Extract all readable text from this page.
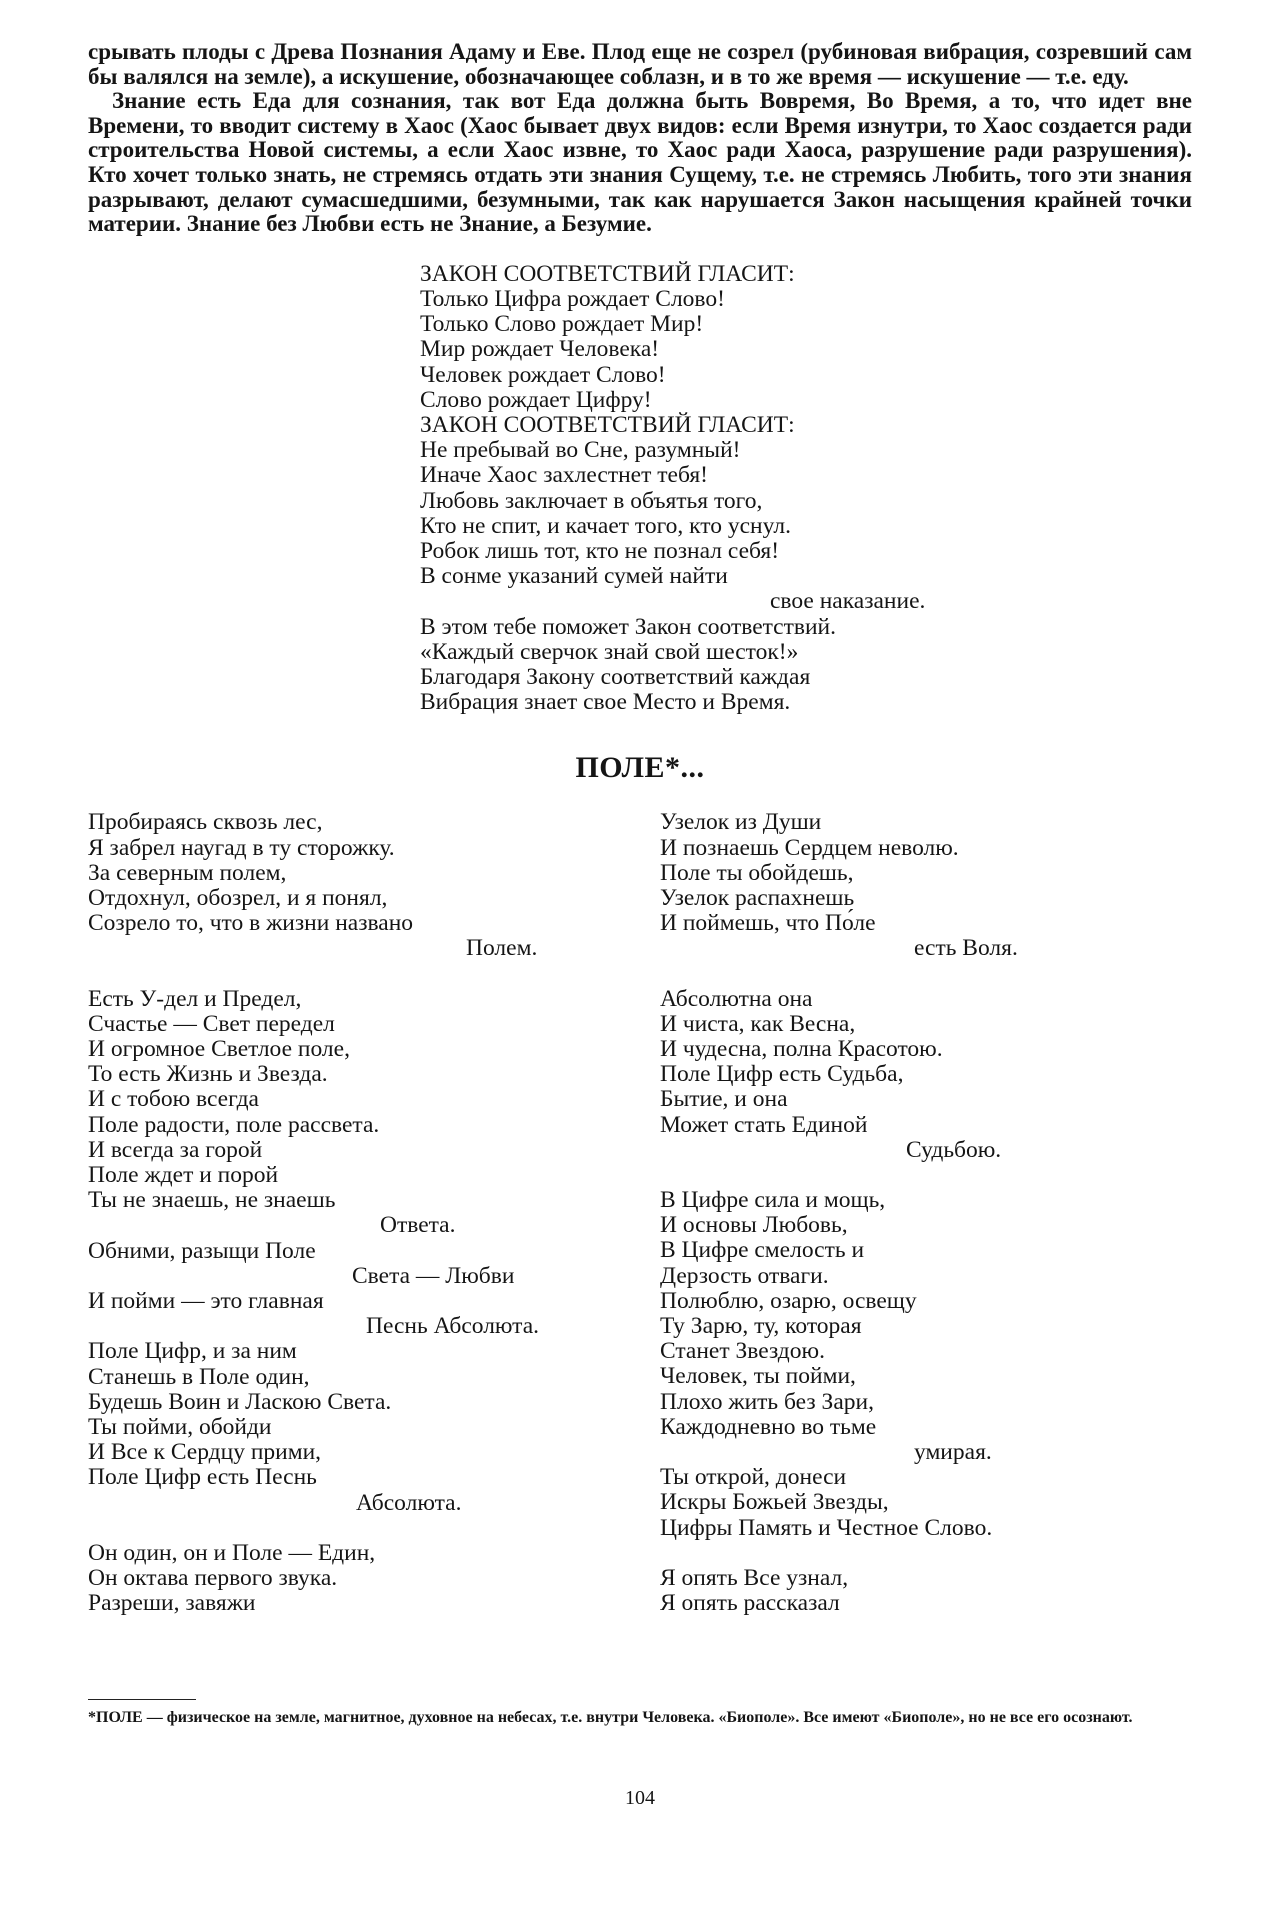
срывать плоды с Древа Познания Адаму и Еве. Плод еще не созрел (рубиновая вибрация, созревший сам бы валялся на земле), а искушение, обозначающее соблазн, и в то же время — искушение — т.е. еду.

Знание есть Еда для сознания, так вот Еда должна быть Вовремя, Во Время, а то, что идет вне Времени, то вводит систему в Хаос (Хаос бывает двух видов: если Время изнутри, то Хаос создается ради строительства Новой системы, а если Хаос извне, то Хаос ради Хаоса, разрушение ради разрушения). Кто хочет только знать, не стремясь отдать эти знания Сущему, т.е. не стремясь Любить, того эти знания разрывают, делают сумасшедшими, безумными, так как нарушается Закон насыщения крайней точки материи. Знание без Любви есть не Знание, а Безумие.

ЗАКОН СООТВЕТСТВИЙ ГЛАСИТ:
Только Цифра рождает Слово!
Только Слово рождает Мир!
Мир рождает Человека!
Человек рождает Слово!
Слово рождает Цифру!
ЗАКОН СООТВЕТСТВИЙ ГЛАСИТ:
Не пребывай во Сне, разумный!
Иначе Хаос захлестнет тебя!
Любовь заключает в объятья того,
Кто не спит, и качает того, кто уснул.
Робок лишь тот, кто не познал себя!
В сонме указаний сумей найти
свое наказание.
В этом тебе поможет Закон соответствий.
«Каждый сверчок знай свой шесток!»
Благодаря Закону соответствий каждая
Вибрация знает свое Место и Время.
ПОЛЕ*...
Пробираясь сквозь лес,
Я забрел наугад в ту сторожку.
За северным полем,
Отдохнул, обозрел, и я понял,
Созрело то, что в жизни названо
Полем.
Есть У-дел и Предел,
Счастье — Свет передел
И огромное Светлое поле,
То есть Жизнь и Звезда.
И с тобою всегда
Поле радости, поле рассвета.
И всегда за горой
Поле ждет и порой
Ты не знаешь, не знаешь
Ответа.
Обними, разыщи Поле
Света — Любви
И пойми — это главная
Песнь Абсолюта.
Поле Цифр, и за ним
Станешь в Поле один,
Будешь Воин и Ласкою Света.
Ты пойми, обойди
И Все к Сердцу прими,
Поле Цифр есть Песнь
Абсолюта.
Он один, он и Поле — Един,
Он октава первого звука.
Разреши, завяжи
Узелок из Души
И познаешь Сердцем неволю.
Поле ты обойдешь,
Узелок распахнешь
И поймешь, что По́ле
есть Воля.
Абсолютна она
И чиста, как Весна,
И чудесна, полна Красотою.
Поле Цифр есть Судьба,
Бытие, и она
Может стать Единой
Судьбою.
В Цифре сила и мощь,
И основы Любовь,
В Цифре смелость и
Дерзость отваги.
Полюблю, озарю, освещу
Ту Зарю, ту, которая
Станет Звездою.
Человек, ты пойми,
Плохо жить без Зари,
Каждодневно во тьме
умирая.
Ты открой, донеси
Искры Божьей Звезды,
Цифры Память и Честное Слово.
Я опять Все узнал,
Я опять рассказал
*ПОЛЕ — физическое на земле, магнитное, духовное на небесах, т.е. внутри Человека. «Биополе». Все имеют «Биополе», но не все его осознают.
104
